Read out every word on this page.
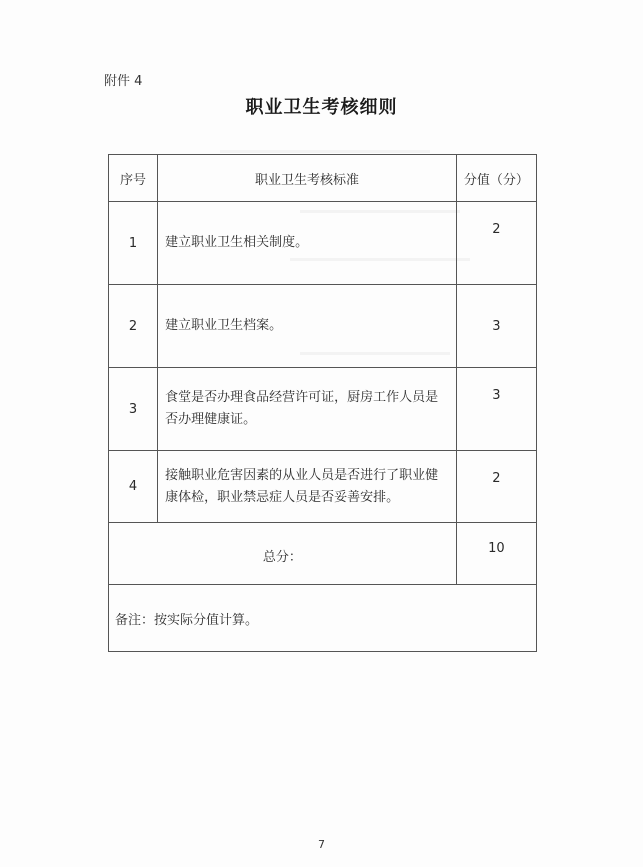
附件 4
职业卫生考核细则
序号	职业卫生考核标准	分值（分）
1	建立职业卫生相关制度。	2
2	建立职业卫生档案。	3
3	食堂是否办理食品经营许可证，厨房工作人员是否办理健康证。	3
4	接触职业危害因素的从业人员是否进行了职业健康体检，职业禁忌症人员是否妥善安排。	2
总分：		10
备注：按实际分值计算。		
7
